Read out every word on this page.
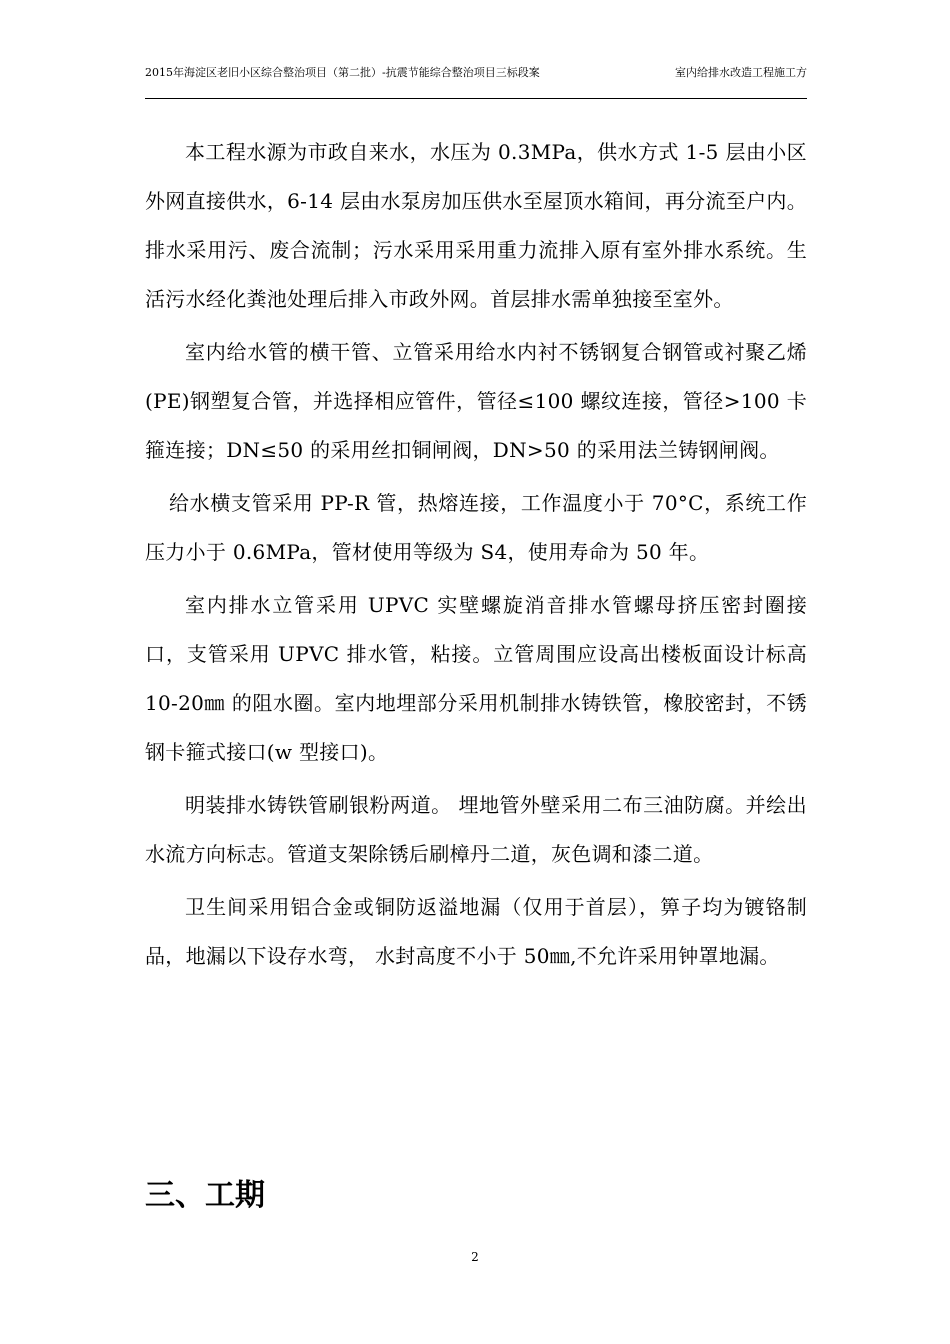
2015年海淀区老旧小区综合整治项目（第二批）-抗震节能综合整治项目三标段案	室内给排水改造工程施工方

本工程水源为市政自来水，水压为 0.3MPa，供水方式 1-5 层由小区外网直接供水，6-14 层由水泵房加压供水至屋顶水箱间，再分流至户内。排水采用污、废合流制；污水采用采用重力流排入原有室外排水系统。生活污水经化粪池处理后排入市政外网。首层排水需单独接至室外。

室内给水管的横干管、立管采用给水内衬不锈钢复合钢管或衬聚乙烯(PE)钢塑复合管，并选择相应管件，管径≤100 螺纹连接，管径>100 卡箍连接；DN≤50 的采用丝扣铜闸阀，DN>50 的采用法兰铸钢闸阀。

给水横支管采用 PP-R 管，热熔连接，工作温度小于 70°C，系统工作压力小于 0.6MPa，管材使用等级为 S4，使用寿命为 50 年。

室内排水立管采用 UPVC 实壁螺旋消音排水管螺母挤压密封圈接口，支管采用 UPVC 排水管，粘接。立管周围应设高出楼板面设计标高 10-20㎜ 的阻水圈。室内地埋部分采用机制排水铸铁管，橡胶密封，不锈钢卡箍式接口(w 型接口)。

明装排水铸铁管刷银粉两道。 埋地管外壁采用二布三油防腐。并绘出水流方向标志。管道支架除锈后刷樟丹二道，灰色调和漆二道。

卫生间采用铝合金或铜防返溢地漏（仅用于首层），箅子均为镀铬制品，地漏以下设存水弯， 水封高度不小于 50㎜,不允许采用钟罩地漏。

三、工期
2
